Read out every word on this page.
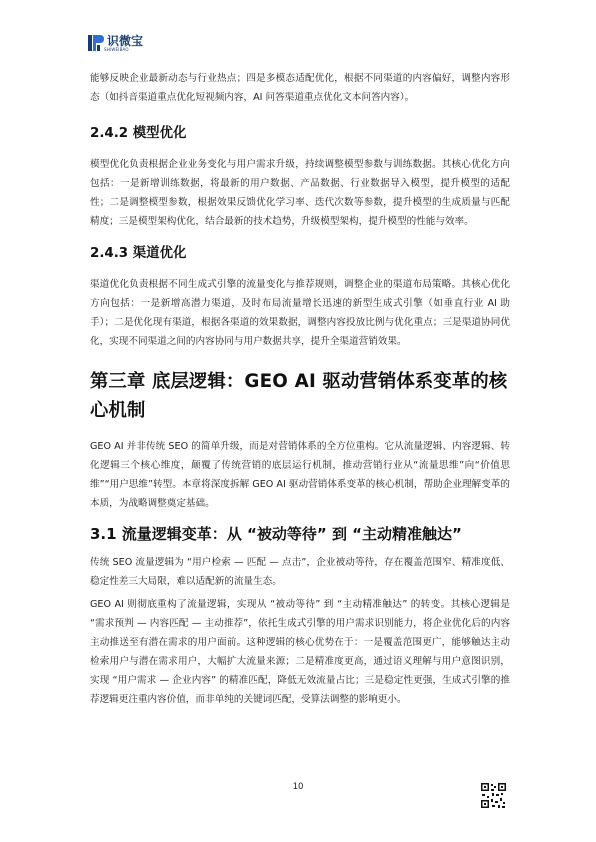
识微宝
SHIWEIBAO

能够反映企业最新动态与行业热点；四是多模态适配优化，根据不同渠道的内容偏好，调整内容形态（如抖音渠道重点优化短视频内容，AI 问答渠道重点优化文本问答内容）。

2.4.2 模型优化

模型优化负责根据企业业务变化与用户需求升级，持续调整模型参数与训练数据。其核心优化方向包括：一是新增训练数据，将最新的用户数据、产品数据、行业数据导入模型，提升模型的适配性；二是调整模型参数，根据效果反馈优化学习率、迭代次数等参数，提升模型的生成质量与匹配精度；三是模型架构优化，结合最新的技术趋势，升级模型架构，提升模型的性能与效率。

2.4.3 渠道优化

渠道优化负责根据不同生成式引擎的流量变化与推荐规则，调整企业的渠道布局策略。其核心优化方向包括：一是新增高潜力渠道，及时布局流量增长迅速的新型生成式引擎（如垂直行业 AI 助手）；二是优化现有渠道，根据各渠道的效果数据，调整内容投放比例与优化重点；三是渠道协同优化，实现不同渠道之间的内容协同与用户数据共享，提升全渠道营销效果。

第三章 底层逻辑：GEO AI 驱动营销体系变革的核心机制

GEO AI 并非传统 SEO 的简单升级，而是对营销体系的全方位重构。它从流量逻辑、内容逻辑、转化逻辑三个核心维度，颠覆了传统营销的底层运行机制，推动营销行业从“流量思维”向“价值思维”“用户思维”转型。本章将深度拆解 GEO AI 驱动营销体系变革的核心机制，帮助企业理解变革的本质，为战略调整奠定基础。

3.1 流量逻辑变革：从 “被动等待” 到 “主动精准触达”

传统 SEO 流量逻辑为 “用户检索 — 匹配 — 点击”，企业被动等待，存在覆盖范围窄、精准度低、稳定性差三大局限，难以适配新的流量生态。

GEO AI 则彻底重构了流量逻辑，实现从 “被动等待” 到 “主动精准触达” 的转变。其核心逻辑是 “需求预判 — 内容匹配 — 主动推荐”，依托生成式引擎的用户需求识别能力，将企业优化后的内容主动推送至有潜在需求的用户面前。这种逻辑的核心优势在于：一是覆盖范围更广，能够触达主动检索用户与潜在需求用户，大幅扩大流量来源；二是精准度更高，通过语义理解与用户意图识别，实现 “用户需求 — 企业内容” 的精准匹配，降低无效流量占比；三是稳定性更强，生成式引擎的推荐逻辑更注重内容价值，而非单纯的关键词匹配，受算法调整的影响更小。

10
